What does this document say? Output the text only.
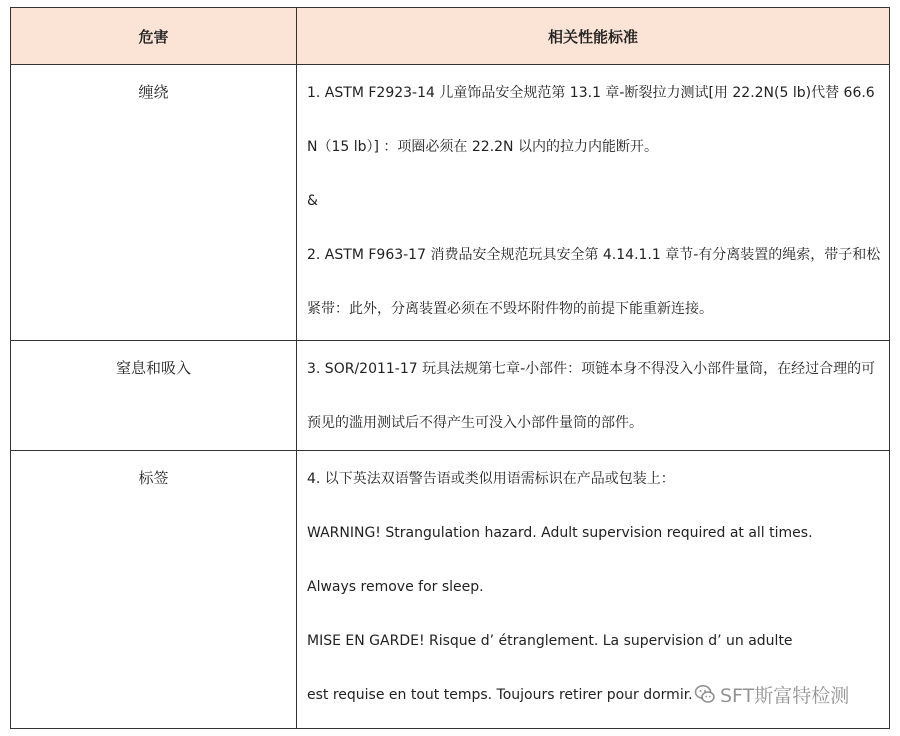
危害	相关性能标准
缠绕	1. ASTM F2923-14 儿童饰品安全规范第 13.1 章-断裂拉力测试[用 22.2N(5 lb)代替 66.6N（15 lb）] ：项圈必须在 22.2N 以内的拉力内能断开。

&

2. ASTM F963-17 消费品安全规范玩具安全第 4.14.1.1 章节-有分离装置的绳索，带子和松紧带：此外，分离装置必须在不毁坏附件物的前提下能重新连接。

窒息和吸入	3. SOR/2011-17 玩具法规第七章-小部件：项链本身不得没入小部件量筒，在经过合理的可预见的滥用测试后不得产生可没入小部件量筒的部件。

标签	4. 以下英法双语警告语或类似用语需标识在产品或包装上：

WARNING! Strangulation hazard. Adult supervision required at all times.

Always remove for sleep.

MISE EN GARDE! Risque d’ étranglement. La supervision d’ un adulte

est requise en tout temps. Toujours retirer pour dormir.	SFT斯富特检测
